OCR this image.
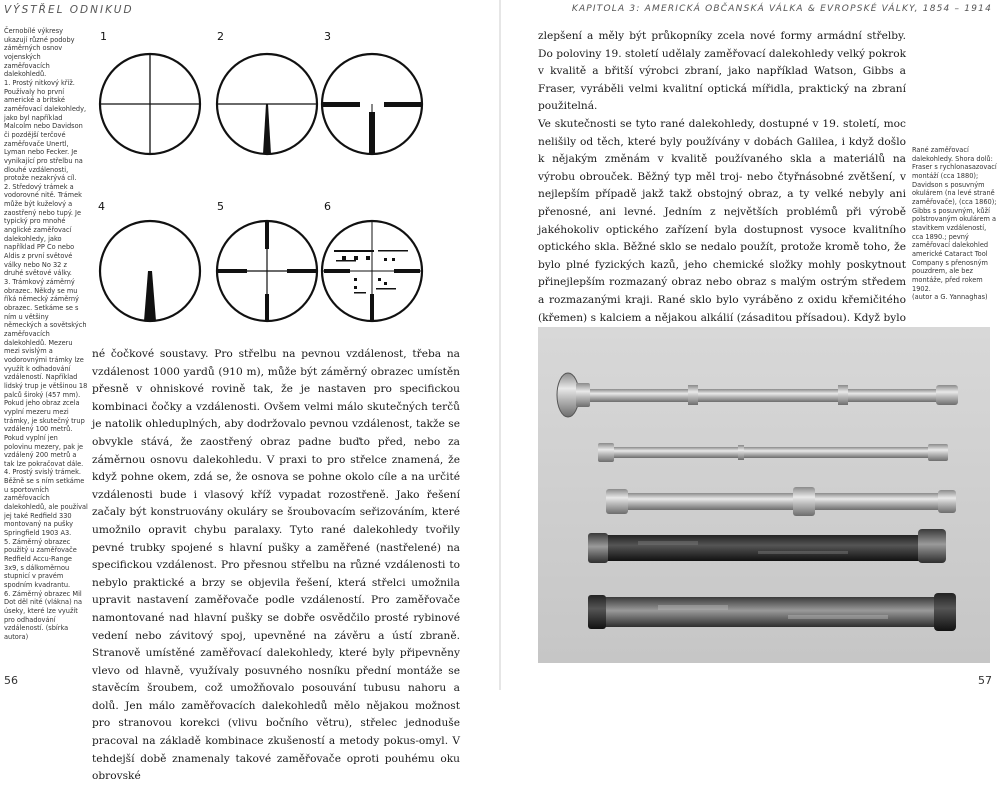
VÝSTŘEL ODNIKUD	KAPITOLA 3: AMERICKÁ OBČANSKÁ VÁLKA & EVROPSKÉ VÁLKY, 1854 – 1914
Černobílé výkresy ukazují různé podoby záměrných osnov vojenských zaměřovacích dalekohledů.
1. Prostý nitkový kříž. Používaly ho první americké a britské zaměřovací dalekohledy, jako byl například Malcolm nebo Davidson či pozdější terčové zaměřovače Unertl, Lyman nebo Fecker. Je vynikající pro střelbu na dlouhé vzdálenosti, protože nezakrývá cíl.
2. Středový trámek a vodorovné nitě. Trámek může být kuželový a zaostřený nebo tupý. Je typický pro mnohé anglické zaměřovací dalekohledy, jako například PP Co nebo Aldis z první světové války nebo No 32 z druhé světové války.
3. Trámkový záměrný obrazec. Někdy se mu říká německý záměrný obrazec. Setkáme se s ním u většiny německých a sovětských zaměřovacích dalekohledů. Mezeru mezi svislým a vodorovnými trámky lze využít k odhadování vzdáleností. Například lidský trup je většinou 18 palců široký (457 mm). Pokud jeho obraz zcela vyplní mezeru mezi trámky, je skutečný trup vzdálený 100 metrů. Pokud vyplní jen polovinu mezery, pak je vzdálený 200 metrů a tak lze pokračovat dále.
4. Prostý svislý trámek. Běžně se s ním setkáme u sportovních zaměřovacích dalekohledů, ale používal jej také Redfield 330 montovaný na pušky Springfield 1903 A3.
5. Záměrný obrazec použitý u zaměřovače Redfield Accu-Range 3x9, s dálkoměrnou stupnicí v pravém spodním kvadrantu.
6. Záměrný obrazec Mil Dot děl nité (vlákna) na úseky, které lze využít pro odhadování vzdáleností. (sbírka autora)
1	2	3
4	5	6
né čočkové soustavy. Pro střelbu na pevnou vzdálenost, třeba na vzdálenost 1000 yardů (910 m), může být záměrný obrazec umístěn přesně v ohniskové rovině tak, že je nastaven pro specifickou kombinaci čočky a vzdálenosti. Ovšem velmi málo skutečných terčů je natolik ohleduplných, aby dodržovalo pevnou vzdálenost, takže se obvykle stává, že zaostřený obraz padne buďto před, nebo za záměrnou osnovu dalekohledu. V praxi to pro střelce znamená, že když pohne okem, zdá se, že osnova se pohne okolo cíle a na určité vzdálenosti bude i vlasový kříž vypadat rozostřeně. Jako řešení začaly být konstruovány okuláry se šroubovacím seřizováním, které umožnilo opravit chybu paralaxy. Tyto rané dalekohledy tvořily pevné trubky spojené s hlavní pušky a zaměřené (nastřelené) na specifickou vzdálenost. Pro přesnou střelbu na různé vzdálenosti to nebylo praktické a brzy se objevila řešení, která střelci umožnila upravit nastavení zaměřovače podle vzdáleností. Pro zaměřovače namontované nad hlavní pušky se dobře osvědčilo prosté rybinové vedení nebo závitový spoj, upevněné na závěru a ústí zbraně. Stranově umístěné zaměřovací dalekohledy, které byly připevněny vlevo od hlavně, využívaly posuvného nosníku přední montáže se stavěcím šroubem, což umožňovalo posouvání tubusu nahoru a dolů. Jen málo zaměřovacích dalekohledů mělo nějakou možnost pro stranovou korekci (vlivu bočního větru), střelec jednoduše pracoval na základě kombinace zkušeností a metody pokus-omyl. V tehdejší době znamenaly takové zaměřovače oproti pouhému oku obrovské
zlepšení a měly být průkopníky zcela nové formy armádní střelby. Do poloviny 19. století udělaly zaměřovací dalekohledy velký pokrok v kvalitě a břitší výrobci zbraní, jako například Watson, Gibbs a Fraser, vyráběli velmi kvalitní optická mířidla, praktický na zbraní použitelná.
Ve skutečnosti se tyto rané dalekohledy, dostupné v 19. století, moc nelišily od těch, které byly používány v dobách Galilea, i když došlo k nějakým změnám v kvalitě používaného skla a materiálů na výrobu obrouček. Běžný typ měl troj- nebo čtyřnásobné zvětšení, v nejlepším případě jakž takž obstojný obraz, a ty velké nebyly ani přenosné, ani levné. Jedním z největších problémů při výrobě jakéhokoliv optického zařízení byla dostupnost vysoce kvalitního optického skla. Běžné sklo se nedalo použít, protože kromě toho, že bylo plné fyzických kazů, jeho chemické složky mohly poskytnout přinejlepším rozmazaný obraz nebo obraz s malým ostrým středem a rozmazanými kraji. Rané sklo bylo vyráběno z oxidu křemičitého (křemen) s kalciem a nějakou alkálií (zásaditou přísadou). Když bylo
Rané zaměřovací dalekohledy. Shora dolů: Fraser s rychlonasazovací montáží (cca 1880); Davidson s posuvným okulárem (na levé straně zaměřovače), (cca 1860); Gibbs s posuvným, kůží polstrovaným okulárem a stavitkem vzdáleností, cca 1890.; pevný zaměřovací dalekohled americké Cataract Tool Company s přenosným pouzdrem, ale bez montáže, před rokem 1902.
(autor a G. Yannaghas)
56	57
